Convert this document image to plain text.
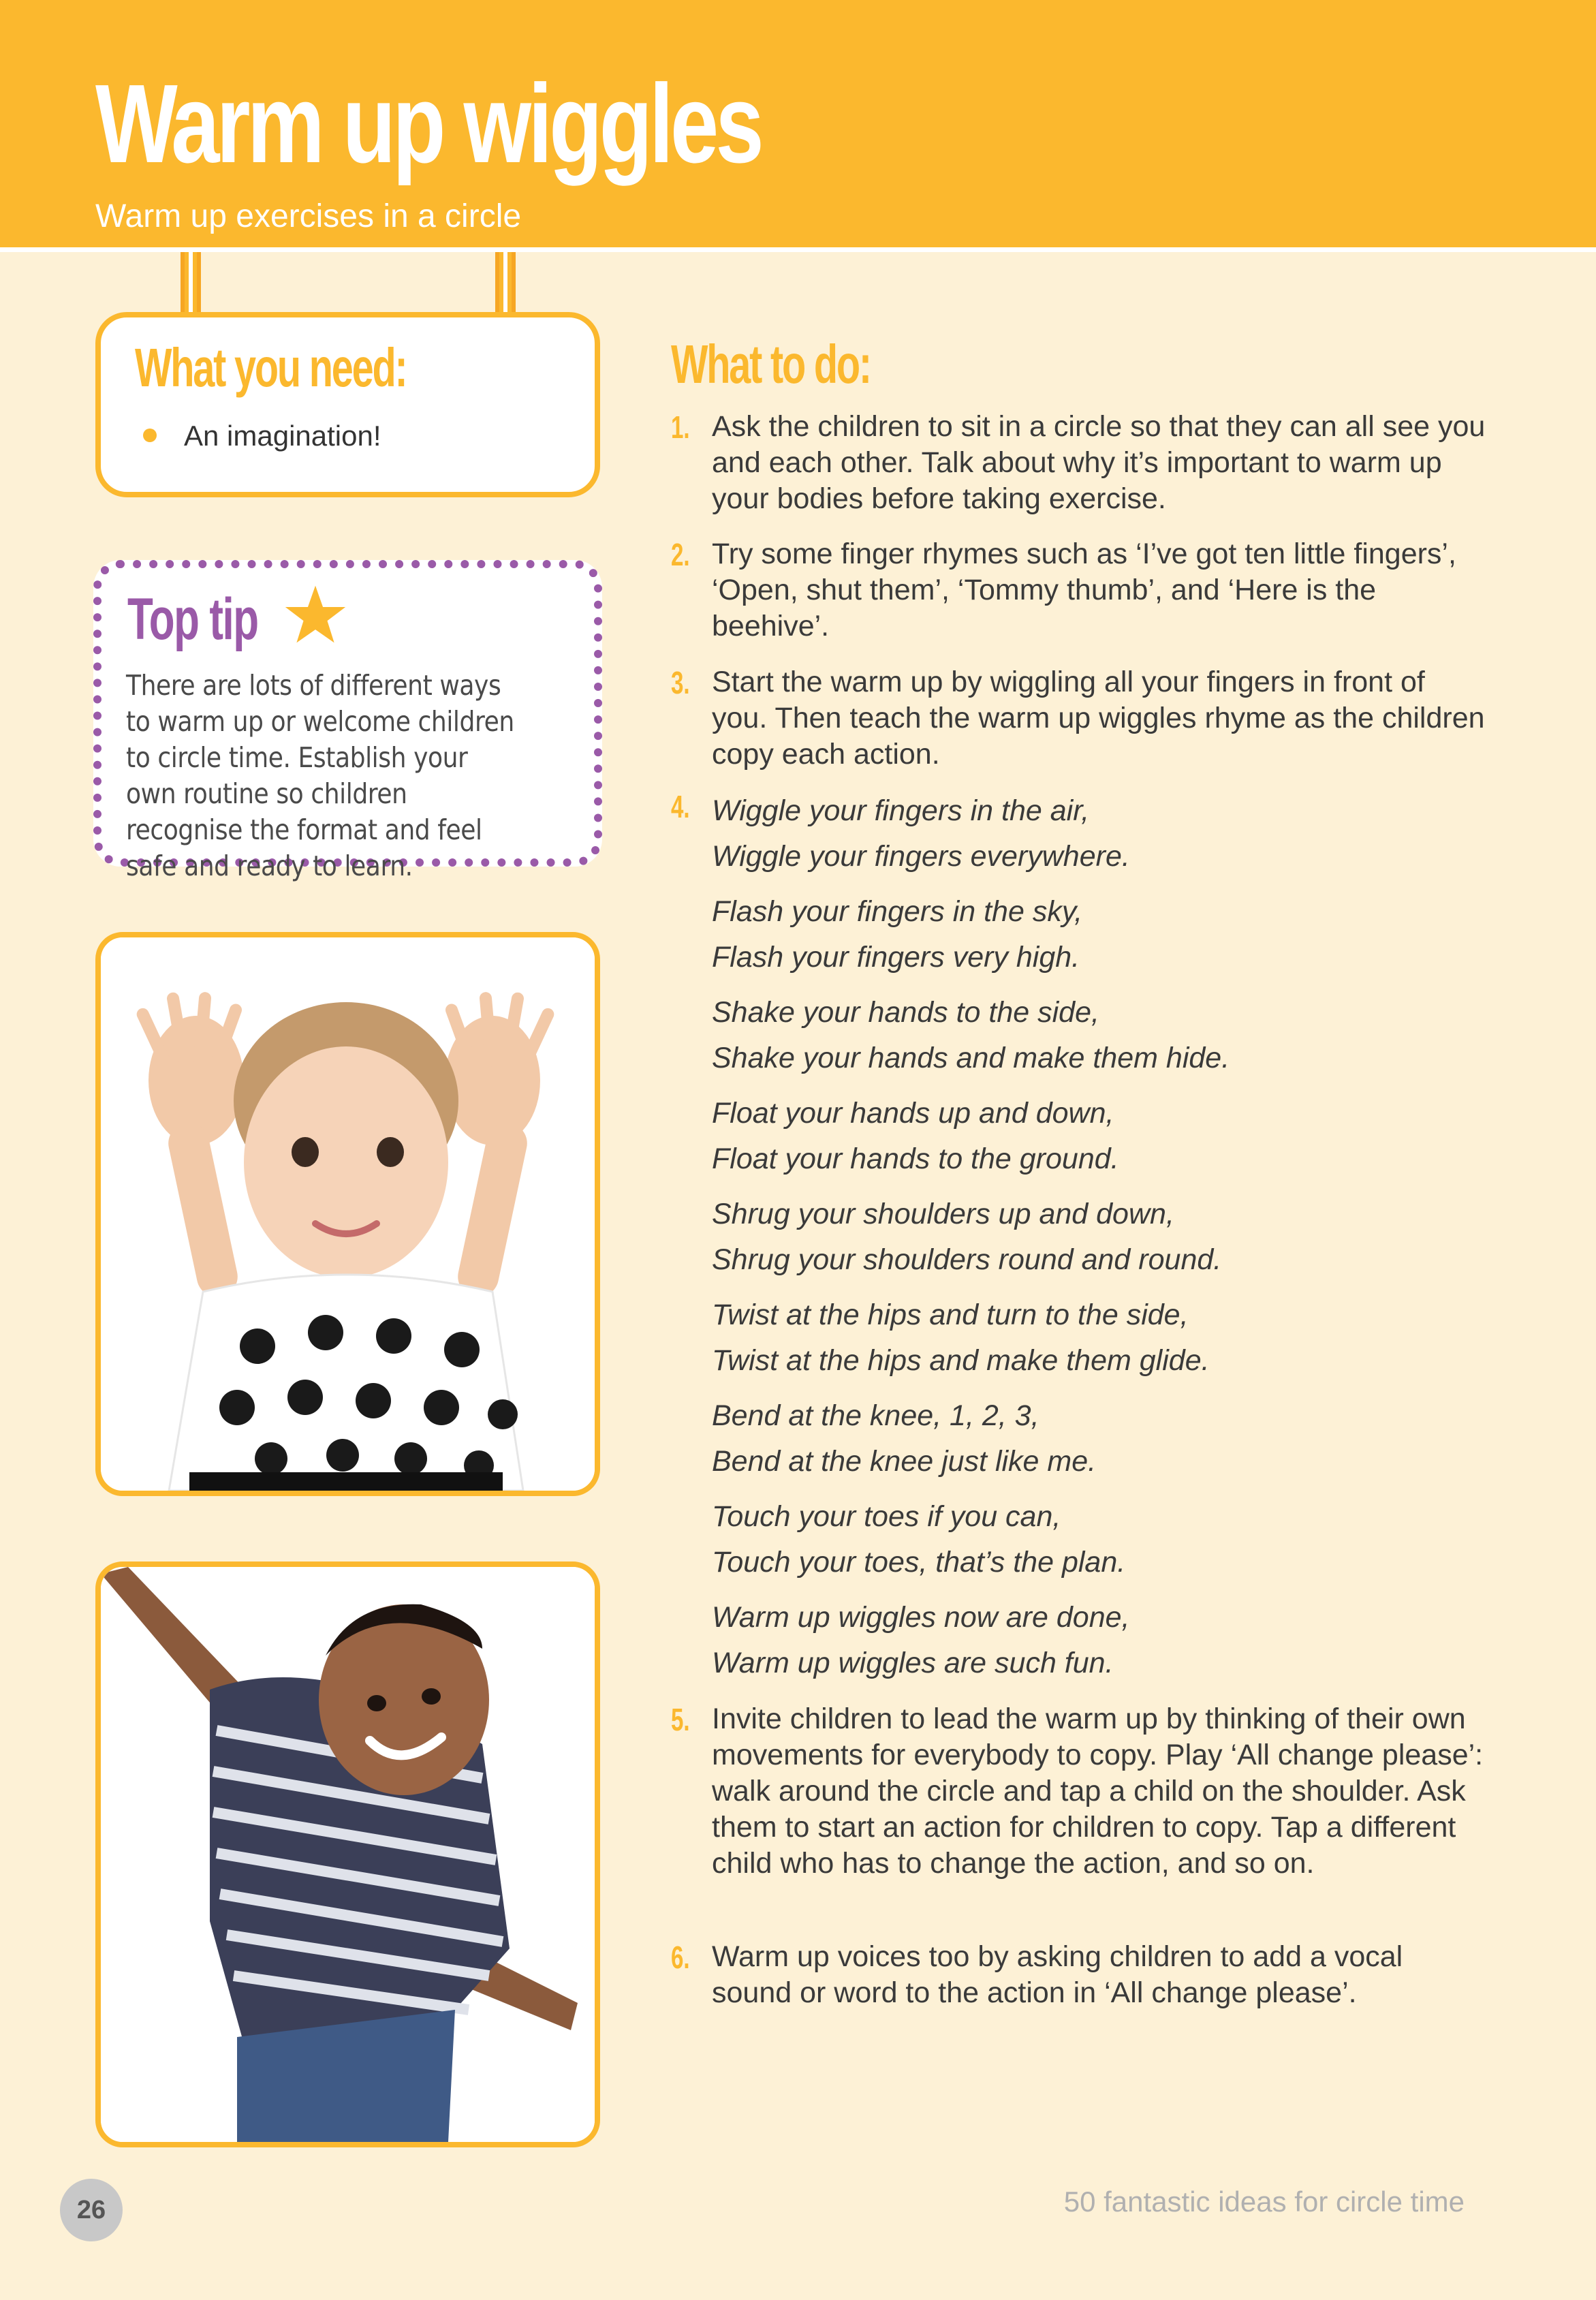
Warm up wiggles
Warm up exercises in a circle
What you need:
An imagination!
Top tip
There are lots of different ways to warm up or welcome children to circle time. Establish your own routine so children recognise the format and feel safe and ready to learn.
What to do:
1. Ask the children to sit in a circle so that they can all see you and each other. Talk about why it’s important to warm up your bodies before taking exercise.
2. Try some finger rhymes such as ‘I’ve got ten little fingers’, ‘Open, shut them’, ‘Tommy thumb’, and ‘Here is the beehive’.
3. Start the warm up by wiggling all your fingers in front of you. Then teach the warm up wiggles rhyme as the children copy each action.
4. Wiggle your fingers in the air,
Wiggle your fingers everywhere.
Flash your fingers in the sky,
Flash your fingers very high.
Shake your hands to the side,
Shake your hands and make them hide.
Float your hands up and down,
Float your hands to the ground.
Shrug your shoulders up and down,
Shrug your shoulders round and round.
Twist at the hips and turn to the side,
Twist at the hips and make them glide.
Bend at the knee, 1, 2, 3,
Bend at the knee just like me.
Touch your toes if you can,
Touch your toes, that’s the plan.
Warm up wiggles now are done,
Warm up wiggles are such fun.
5. Invite children to lead the warm up by thinking of their own movements for everybody to copy. Play ‘All change please’: walk around the circle and tap a child on the shoulder. Ask them to start an action for children to copy. Tap a different child who has to change the action, and so on.
6. Warm up voices too by asking children to add a vocal sound or word to the action in ‘All change please’.
26	50 fantastic ideas for circle time
